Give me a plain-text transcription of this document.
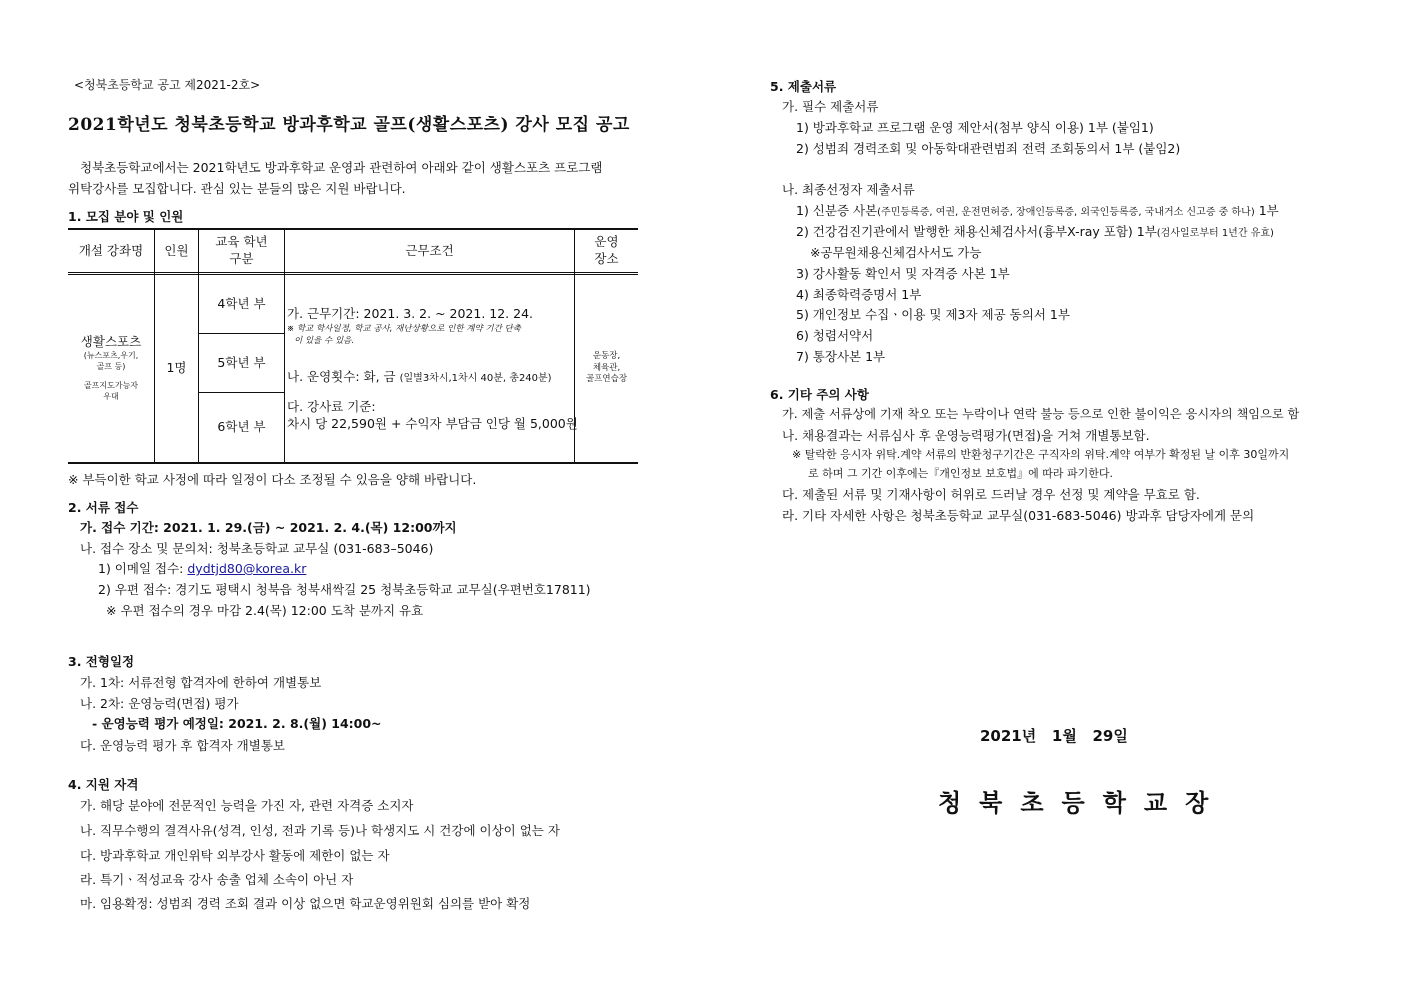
<청북초등학교 공고 제2021-2호>
2021학년도 청북초등학교 방과후학교 골프(생활스포츠) 강사 모집 공고
청북초등학교에서는 2021학년도 방과후학교 운영과 관련하여 아래와 같이 생활스포츠 프로그램
위탁강사를 모집합니다. 관심 있는 분들의 많은 지원 바랍니다.
1. 모집 분야 및 인원
개설 강좌명	인원
교육 학년
구분
근무조건
운영
장소
생활스포츠
(뉴스포츠,우기,
골프 등)
골프지도가능자
우대
1명
4학년 부
5학년 부
6학년 부
가. 근무기간: 2021. 3. 2. ~ 2021. 12. 24.
※ 학교 학사일정, 학교 공사, 재난상황으로 인한 계약 기간 단축
이 있을 수 있음.
나. 운영횟수: 화, 금 (일별3차시,1차시 40분, 총240분)
다. 강사료 기준:
차시 당 22,590원 + 수익자 부담금 인당 월 5,000원
운동장,
체육관,
골프연습장
※ 부득이한 학교 사정에 따라 일정이 다소 조정될 수 있음을 양해 바랍니다.
2. 서류 접수
가. 접수 기간: 2021. 1. 29.(금) ~ 2021. 2. 4.(목) 12:00까지
나. 접수 장소 및 문의처: 청북초등학교 교무실 (031-683–5046)
1) 이메일 접수: dydtjd80@korea.kr
2) 우편 접수: 경기도 평택시 청북읍 청북새싹길 25 청북초등학교 교무실(우편번호17811)
※ 우편 접수의 경우 마감 2.4(목) 12:00 도착 분까지 유효
3. 전형일정
가. 1차: 서류전형 합격자에 한하여 개별통보
나. 2차: 운영능력(면접) 평가
- 운영능력 평가 예정일: 2021. 2. 8.(월) 14:00~
다. 운영능력 평가 후 합격자 개별통보
4. 지원 자격
가. 해당 분야에 전문적인 능력을 가진 자, 관련 자격증 소지자
나. 직무수행의 결격사유(성격, 인성, 전과 기록 등)나 학생지도 시 건강에 이상이 없는 자
다. 방과후학교 개인위탁 외부강사 활동에 제한이 없는 자
라. 특기ㆍ적성교육 강사 송출 업체 소속이 아닌 자
마. 임용확정: 성범죄 경력 조회 결과 이상 없으면 학교운영위원회 심의를 받아 확정
5. 제출서류
가. 필수 제출서류
1) 방과후학교 프로그램 운영 제안서(첨부 양식 이용) 1부 (붙임1)
2) 성범죄 경력조회 및 아동학대관련범죄 전력 조회동의서 1부 (붙임2)
나. 최종선정자 제출서류
1) 신분증 사본(주민등록증, 여권, 운전면허증, 장애인등록증, 외국인등록증, 국내거소 신고증 중 하나) 1부
2) 건강검진기관에서 발행한 채용신체검사서(흉부X-ray 포함) 1부(검사일로부터 1년간 유효)
※공무원채용신체검사서도 가능
3) 강사활동 확인서 및 자격증 사본 1부
4) 최종학력증명서 1부
5) 개인정보 수집ㆍ이용 및 제3자 제공 동의서 1부
6) 청렴서약서
7) 통장사본 1부
6. 기타 주의 사항
가. 제출 서류상에 기재 착오 또는 누락이나 연락 불능 등으로 인한 불이익은 응시자의 책임으로 함
나. 채용결과는 서류심사 후 운영능력평가(면접)을 거쳐 개별통보함.
※ 탈락한 응시자 위탁.계약 서류의 반환청구기간은 구직자의 위탁.계약 여부가 확정된 날 이후 30일까지
로 하며 그 기간 이후에는『개인정보 보호법』에 따라 파기한다.
다. 제출된 서류 및 기재사항이 허위로 드러날 경우 선정 및 계약을 무효로 함.
라. 기타 자세한 사항은 청북초등학교 교무실(031-683-5046) 방과후 담당자에게 문의
2021년   1월   29일
청북초등학교장
